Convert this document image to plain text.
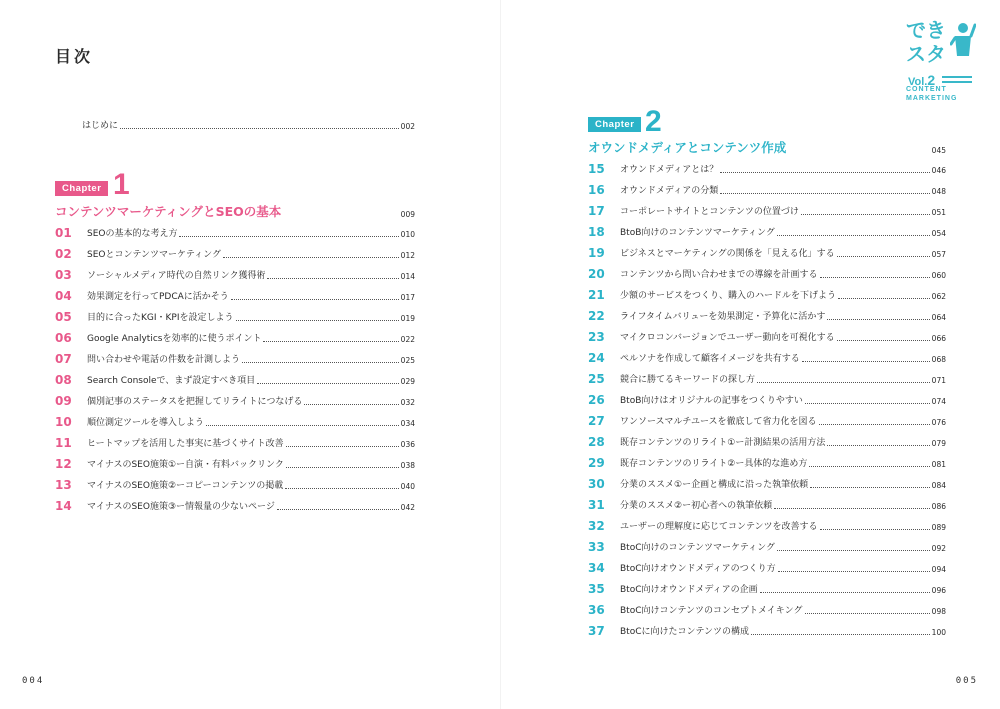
目次
はじめに	002
Chapter 1
コンテンツマーケティングとSEOの基本	009
01	SEOの基本的な考え方	010
02	SEOとコンテンツマーケティング	012
03	ソーシャルメディア時代の自然リンク獲得術	014
04	効果測定を行ってPDCAに活かそう	017
05	目的に合ったKGI・KPIを設定しよう	019
06	Google Analyticsを効率的に使うポイント	022
07	問い合わせや電話の件数を計測しよう	025
08	Search Consoleで、まず設定すべき項目	029
09	個別記事のステータスを把握してリライトにつなげる	032
10	順位測定ツールを導入しよう	034
11	ヒートマップを活用した事実に基づくサイト改善	036
12	マイナスのSEO施策①ー自演・有料バックリンク	038
13	マイナスのSEO施策②ーコピーコンテンツの掲載	040
14	マイナスのSEO施策③ー情報量の少ないページ	042
004
でき
スタ
Vol.2
CONTENT
MARKETING
Chapter 2
オウンドメディアとコンテンツ作成	045
15	オウンドメディアとは？	046
16	オウンドメディアの分類	048
17	コーポレートサイトとコンテンツの位置づけ	051
18	BtoB向けのコンテンツマーケティング	054
19	ビジネスとマーケティングの関係を「見える化」する	057
20	コンテンツから問い合わせまでの導線を計画する	060
21	少額のサービスをつくり、購入のハードルを下げよう	062
22	ライフタイムバリューを効果測定・予算化に活かす	064
23	マイクロコンバージョンでユーザー動向を可視化する	066
24	ペルソナを作成して顧客イメージを共有する	068
25	競合に勝てるキーワードの探し方	071
26	BtoB向けはオリジナルの記事をつくりやすい	074
27	ワンソースマルチユースを徹底して省力化を図る	076
28	既存コンテンツのリライト①ー計測結果の活用方法	079
29	既存コンテンツのリライト②ー具体的な進め方	081
30	分業のススメ①ー企画と構成に沿った執筆依頼	084
31	分業のススメ②ー初心者への執筆依頼	086
32	ユーザーの理解度に応じてコンテンツを改善する	089
33	BtoC向けのコンテンツマーケティング	092
34	BtoC向けオウンドメディアのつくり方	094
35	BtoC向けオウンドメディアの企画	096
36	BtoC向けコンテンツのコンセプトメイキング	098
37	BtoCに向けたコンテンツの構成	100
005
